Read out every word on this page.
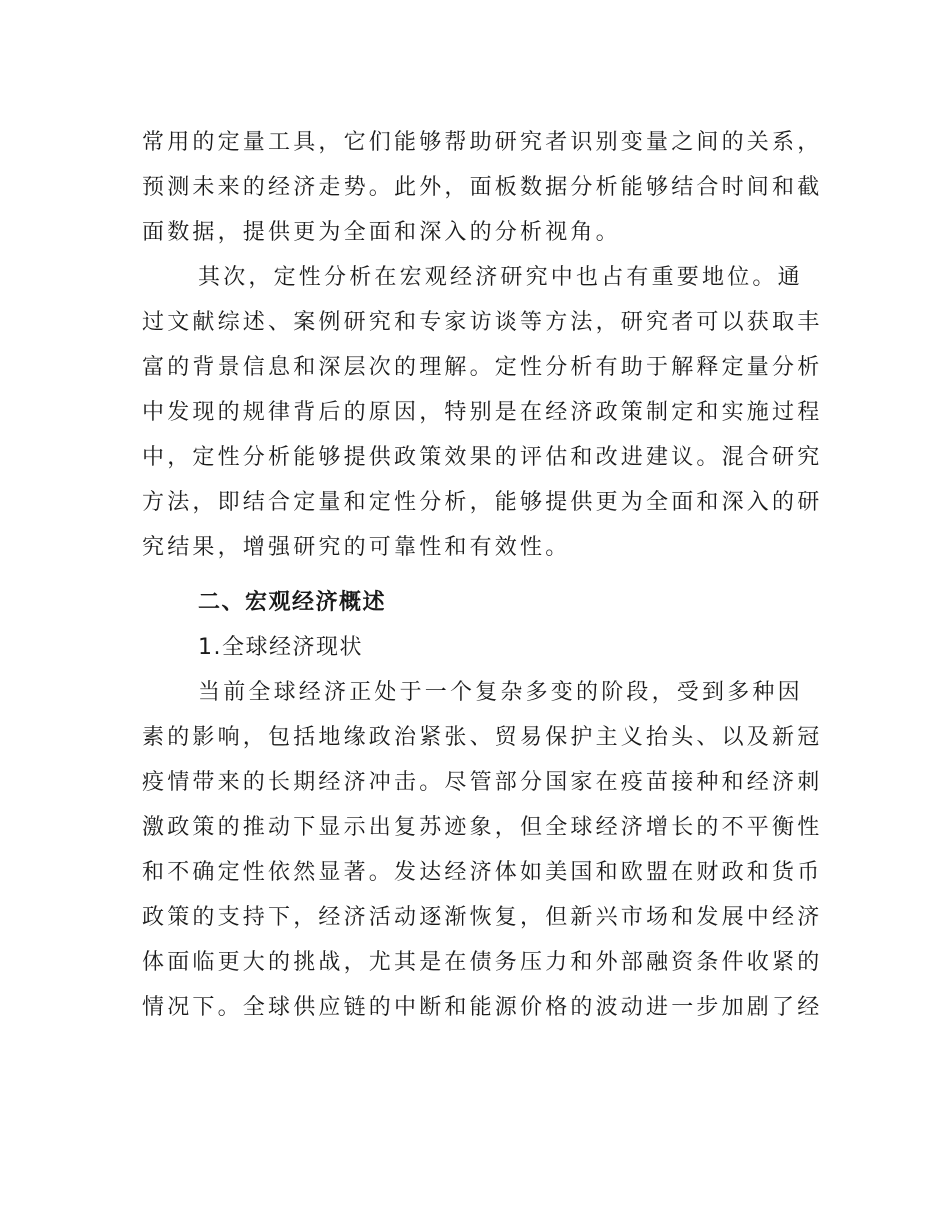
常用的定量工具，它们能够帮助研究者识别变量之间的关系，
预测未来的经济走势。此外，面板数据分析能够结合时间和截
面数据，提供更为全面和深入的分析视角。
其次，定性分析在宏观经济研究中也占有重要地位。通
过文献综述、案例研究和专家访谈等方法，研究者可以获取丰
富的背景信息和深层次的理解。定性分析有助于解释定量分析
中发现的规律背后的原因，特别是在经济政策制定和实施过程
中，定性分析能够提供政策效果的评估和改进建议。混合研究
方法，即结合定量和定性分析，能够提供更为全面和深入的研
究结果，增强研究的可靠性和有效性。
二、宏观经济概述
1.全球经济现状
当前全球经济正处于一个复杂多变的阶段，受到多种因
素的影响，包括地缘政治紧张、贸易保护主义抬头、以及新冠
疫情带来的长期经济冲击。尽管部分国家在疫苗接种和经济刺
激政策的推动下显示出复苏迹象，但全球经济增长的不平衡性
和不确定性依然显著。发达经济体如美国和欧盟在财政和货币
政策的支持下，经济活动逐渐恢复，但新兴市场和发展中经济
体面临更大的挑战，尤其是在债务压力和外部融资条件收紧的
情况下。全球供应链的中断和能源价格的波动进一步加剧了经
